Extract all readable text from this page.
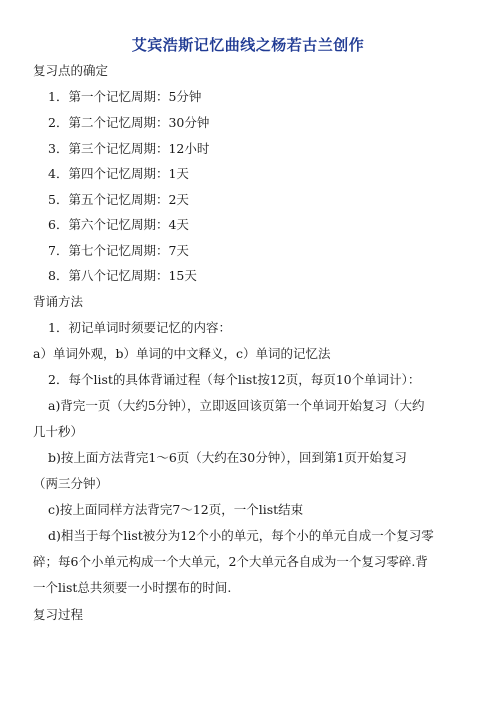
艾宾浩斯记忆曲线之杨若古兰创作
复习点的确定
1．第一个记忆周期：5分钟
2．第二个记忆周期：30分钟
3．第三个记忆周期：12小时
4．第四个记忆周期：1天
5．第五个记忆周期：2天
6．第六个记忆周期：4天
7．第七个记忆周期：7天
8．第八个记忆周期：15天
背诵方法
1．初记单词时须要记忆的内容：
a）单词外观，b）单词的中文释义，c）单词的记忆法
2．每个list的具体背诵过程（每个list按12页，每页10个单词计）：
a)背完一页（大约5分钟），立即返回该页第一个单词开始复习（大约
几十秒）
b)按上面方法背完1～6页（大约在30分钟），回到第1页开始复习
（两三分钟）
c)按上面同样方法背完7～12页，一个list结束
d)相当于每个list被分为12个小的单元，每个小的单元自成一个复习零
碎；每6个小单元构成一个大单元，2个大单元各自成为一个复习零碎.背
一个list总共须要一小时摆布的时间.
复习过程
